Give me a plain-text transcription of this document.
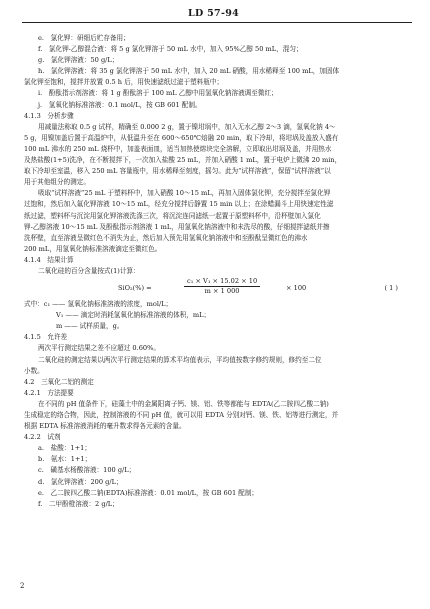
LD 57-94
e.　氯化钾：研细后贮存备用；
f.　氯化钾-乙醇混合液：将 5 g 氯化钾溶于 50 mL 水中，加入 95%乙醇 50 mL，混匀；
g.　氯化钾溶液：50 g/L；
h.　氯化钾溶液：将 35 g 氯化钾溶于 50 mL 水中，加入 20 mL 硝酸，用水稀释至 100 mL，加固体
氯化钾至饱和，搅拌并放置 0.5 h 后，用快速滤纸过滤于塑料瓶中；
i.　酚酞指示剂溶液：将 1 g 酚酞溶于 100 mL 乙醇中用氢氧化钠溶液调至微红；
j.　氢氧化钠标准溶液：0.1 mol/L，按 GB 601 配制。
4.1.3　分析步骤
用减量法称取 0.5 g 试样，精确至 0.000 2 g，置于镍坩埚中，加入无水乙醇 2～3 滴，氢氧化钠 4～
5 g，用镍加盖后置于高温炉中，从低温升至在 600～650℃焙融 20 min，取下冷却，将坩埚及盖放入盛有
100 mL 沸水的 250 mL 烧杯中，加盖表面皿，适当加热使熔块完全溶解，立即取出坩埚及盖，并用热水
及热盐酸(1+5)洗净，在不断搅拌下，一次加入盐酸 25 mL，并加入硝酸 1 mL，置于电炉上微沸 20 min，
取下冷却至室温，移入 250 mL 容量瓶中，用水稀释至刻度，摇匀。此为“试样溶液”，保留“试样溶液”以
用于其他组分的测定。
吸取“试样溶液”25 mL 于塑料杯中，加入硝酸 10～15 mL，再加入固体氯化钾，充分搅拌至氯化钾
过饱和，然后加入氟化钾溶液 10～15 mL，经充分搅拌后静置 15 min 以上；在涂蜡漏斗上用快速定性滤
纸过滤，塑料杯与沉淀用氯化钾溶液洗涤三次，将沉淀连同滤纸一起置于原塑料杯中，沿杯壁加入氯化
钾-乙醇溶液 10～15 mL 及酚酞指示剂溶液 1 mL，用氢氧化钠溶液中和未洗尽的酸，仔细搅拌滤纸并擦
洗杯壁，直至溶液呈微红色不消失为止，然后加入预先用氢氧化钠溶液中和至酚酞呈微红色的沸水
200 mL，用氢氧化钠标准溶液滴定至微红色。
4.1.4　结果计算
二氧化硅的百分含量按式(1)计算：
SiO₂(%) =	$\frac{\text{c₁ × V₁ × 15.02 × 10}}{m \times 1 000}$	× 100	( 1 )
式中：c₁ —— 氢氧化钠标准溶液的浓度，mol/L；
V₁ —— 滴定时消耗氢氧化钠标准溶液的体积，mL；
m —— 试样质量，g。
4.1.5　允许差
两次平行测定结果之差不应超过 0.60%。
二氧化硅的测定结果以两次平行测定结果的算术平均值表示，平均值按数字修约规则，修约至二位
小数。
4.2　三氧化二铝的测定
4.2.1　方法提要
在不同的 pH 值条件下，硅藻土中的金属阳离子钙、镁、铝、铁等都能与 EDTA(乙二胺四乙酸二钠)
生成稳定的络合物，因此，控制溶液的不同 pH 值，就可以用 EDTA 分别对钙、镁、铁、铝等进行测定，并
根据 EDTA 标准溶液消耗的毫升数求得各元素的含量。
4.2.2　试剂
a.　盐酸：1+1；
b.　氨水：1+1；
c.　磺基水杨酸溶液：100 g/L；
d.　氯化钾溶液：200 g/L；
e.　乙二胺四乙酸二钠(EDTA)标准溶液：0.01 mol/L，按 GB 601 配制；
f.　二甲酚橙溶液：2 g/L；
2
